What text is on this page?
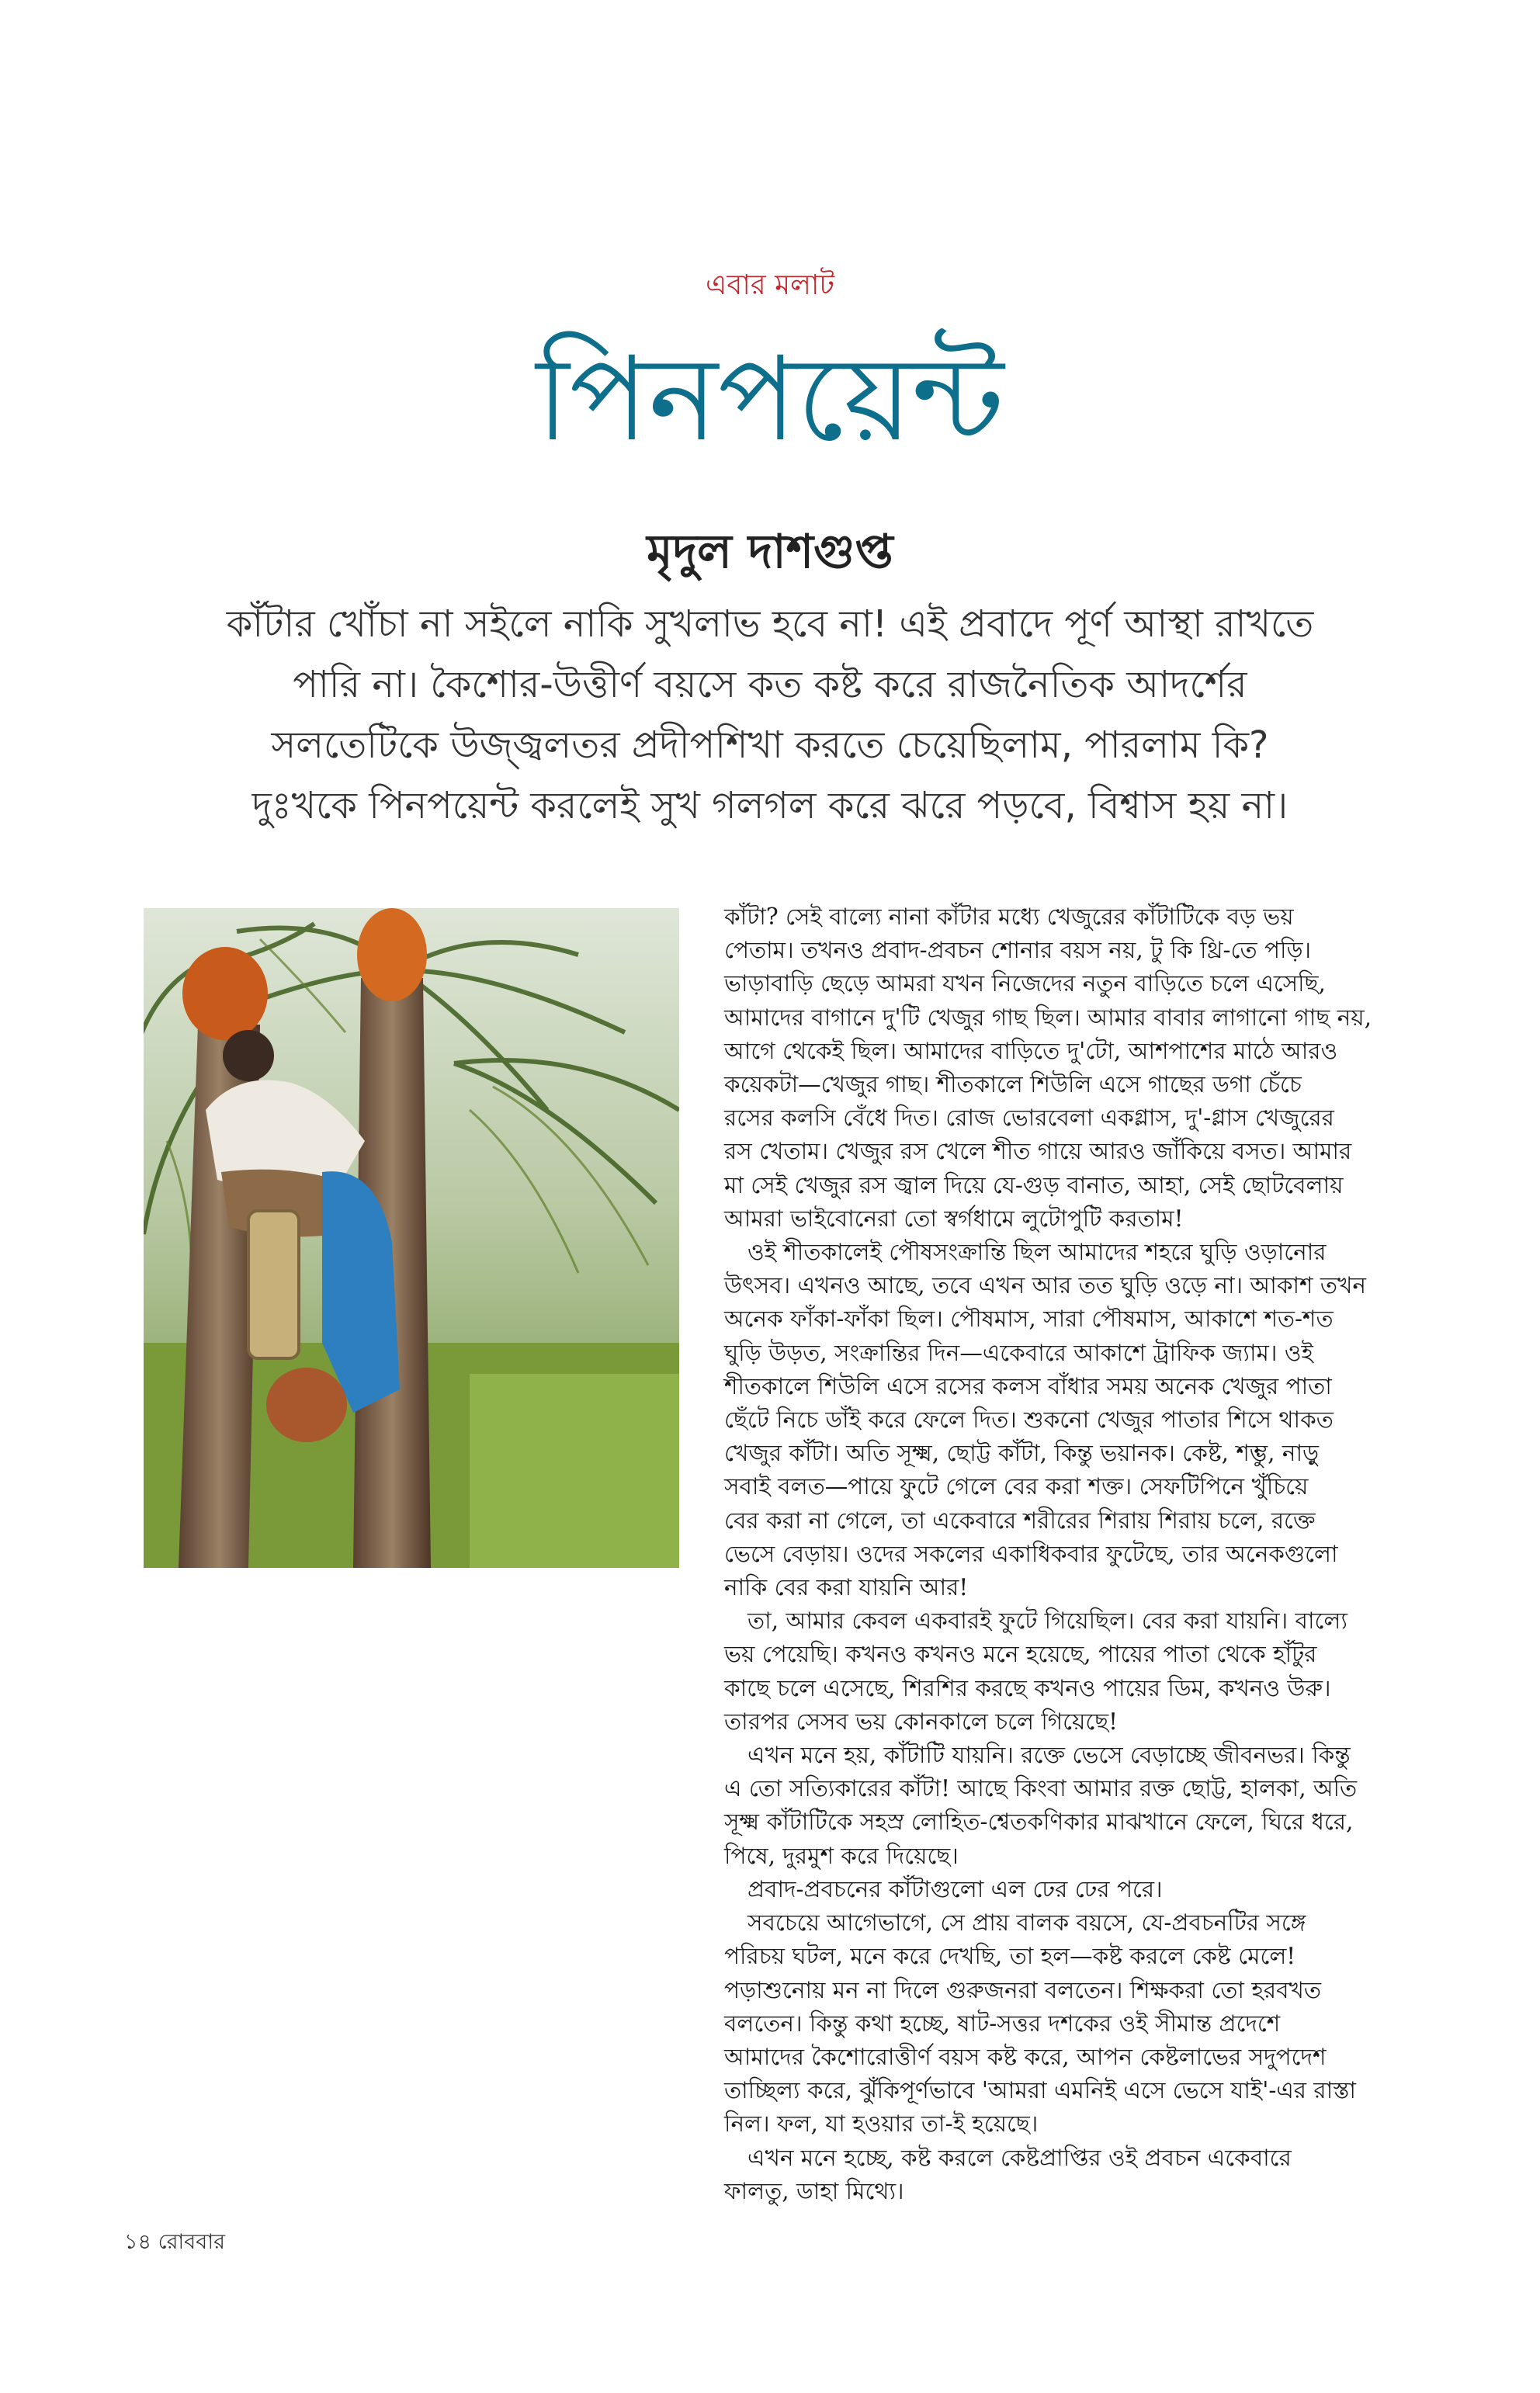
এবার মলাট
পিনপয়েন্ট
মৃদুল দাশগুপ্ত
কাঁটার খোঁচা না সইলে নাকি সুখলাভ হবে না! এই প্রবাদে পূর্ণ আস্থা রাখতে
পারি না। কৈশোর-উত্তীর্ণ বয়সে কত কষ্ট করে রাজনৈতিক আদর্শের
সলতেটিকে উজ্জ্বলতর প্রদীপশিখা করতে চেয়েছিলাম, পারলাম কি?
দুঃখকে পিনপয়েন্ট করলেই সুখ গলগল করে ঝরে পড়বে, বিশ্বাস হয় না।
কাঁটা? সেই বাল্যে নানা কাঁটার মধ্যে খেজুরের কাঁটাটিকে বড় ভয়
পেতাম। তখনও প্রবাদ-প্রবচন শোনার বয়স নয়, টু কি থ্রি-তে পড়ি।
ভাড়াবাড়ি ছেড়ে আমরা যখন নিজেদের নতুন বাড়িতে চলে এসেছি,
আমাদের বাগানে দু'টি খেজুর গাছ ছিল। আমার বাবার লাগানো গাছ নয়,
আগে থেকেই ছিল। আমাদের বাড়িতে দু'টো, আশপাশের মাঠে আরও
কয়েকটা—খেজুর গাছ। শীতকালে শিউলি এসে গাছের ডগা চেঁচে
রসের কলসি বেঁধে দিত। রোজ ভোরবেলা একগ্লাস, দু'-গ্লাস খেজুরের
রস খেতাম। খেজুর রস খেলে শীত গায়ে আরও জাঁকিয়ে বসত। আমার
মা সেই খেজুর রস জ্বাল দিয়ে যে-গুড় বানাত, আহা, সেই ছোটবেলায়
আমরা ভাইবোনেরা তো স্বর্গধামে লুটোপুটি করতাম!
ওই শীতকালেই পৌষসংক্রান্তি ছিল আমাদের শহরে ঘুড়ি ওড়ানোর
উৎসব। এখনও আছে, তবে এখন আর তত ঘুড়ি ওড়ে না। আকাশ তখন
অনেক ফাঁকা-ফাঁকা ছিল। পৌষমাস, সারা পৌষমাস, আকাশে শত-শত
ঘুড়ি উড়ত, সংক্রান্তির দিন—একেবারে আকাশে ট্রাফিক জ্যাম। ওই
শীতকালে শিউলি এসে রসের কলস বাঁধার সময় অনেক খেজুর পাতা
ছেঁটে নিচে ডাঁই করে ফেলে দিত। শুকনো খেজুর পাতার শিসে থাকত
খেজুর কাঁটা। অতি সূক্ষ্ম, ছোট্ট কাঁটা, কিন্তু ভয়ানক। কেষ্ট, শম্ভু, নাড়ু
সবাই বলত—পায়ে ফুটে গেলে বের করা শক্ত। সেফটিপিনে খুঁচিয়ে
বের করা না গেলে, তা একেবারে শরীরের শিরায় শিরায় চলে, রক্তে
ভেসে বেড়ায়। ওদের সকলের একাধিকবার ফুটেছে, তার অনেকগুলো
নাকি বের করা যায়নি আর!
তা, আমার কেবল একবারই ফুটে গিয়েছিল। বের করা যায়নি। বাল্যে
ভয় পেয়েছি। কখনও কখনও মনে হয়েছে, পায়ের পাতা থেকে হাঁটুর
কাছে চলে এসেছে, শিরশির করছে কখনও পায়ের ডিম, কখনও উরু।
তারপর সেসব ভয় কোনকালে চলে গিয়েছে!
এখন মনে হয়, কাঁটাটি যায়নি। রক্তে ভেসে বেড়াচ্ছে জীবনভর। কিন্তু
এ তো সত্যিকারের কাঁটা! আছে কিংবা আমার রক্ত ছোট্ট, হালকা, অতি
সূক্ষ্ম কাঁটাটিকে সহস্র লোহিত-শ্বেতকণিকার মাঝখানে ফেলে, ঘিরে ধরে,
পিষে, দুরমুশ করে দিয়েছে।
প্রবাদ-প্রবচনের কাঁটাগুলো এল ঢের ঢের পরে।
সবচেয়ে আগেভাগে, সে প্রায় বালক বয়সে, যে-প্রবচনটির সঙ্গে
পরিচয় ঘটল, মনে করে দেখছি, তা হল—কষ্ট করলে কেষ্ট মেলে!
পড়াশুনোয় মন না দিলে গুরুজনরা বলতেন। শিক্ষকরা তো হরবখত
বলতেন। কিন্তু কথা হচ্ছে, ষাট-সত্তর দশকের ওই সীমান্ত প্রদেশে
আমাদের কৈশোরোত্তীর্ণ বয়স কষ্ট করে, আপন কেষ্টলাভের সদুপদেশ
তাচ্ছিল্য করে, ঝুঁকিপূর্ণভাবে 'আমরা এমনিই এসে ভেসে যাই'-এর রাস্তা
নিল। ফল, যা হওয়ার তা-ই হয়েছে।
এখন মনে হচ্ছে, কষ্ট করলে কেষ্টপ্রাপ্তির ওই প্রবচন একেবারে
ফালতু, ডাহা মিথ্যে।
১৪ রোববার
